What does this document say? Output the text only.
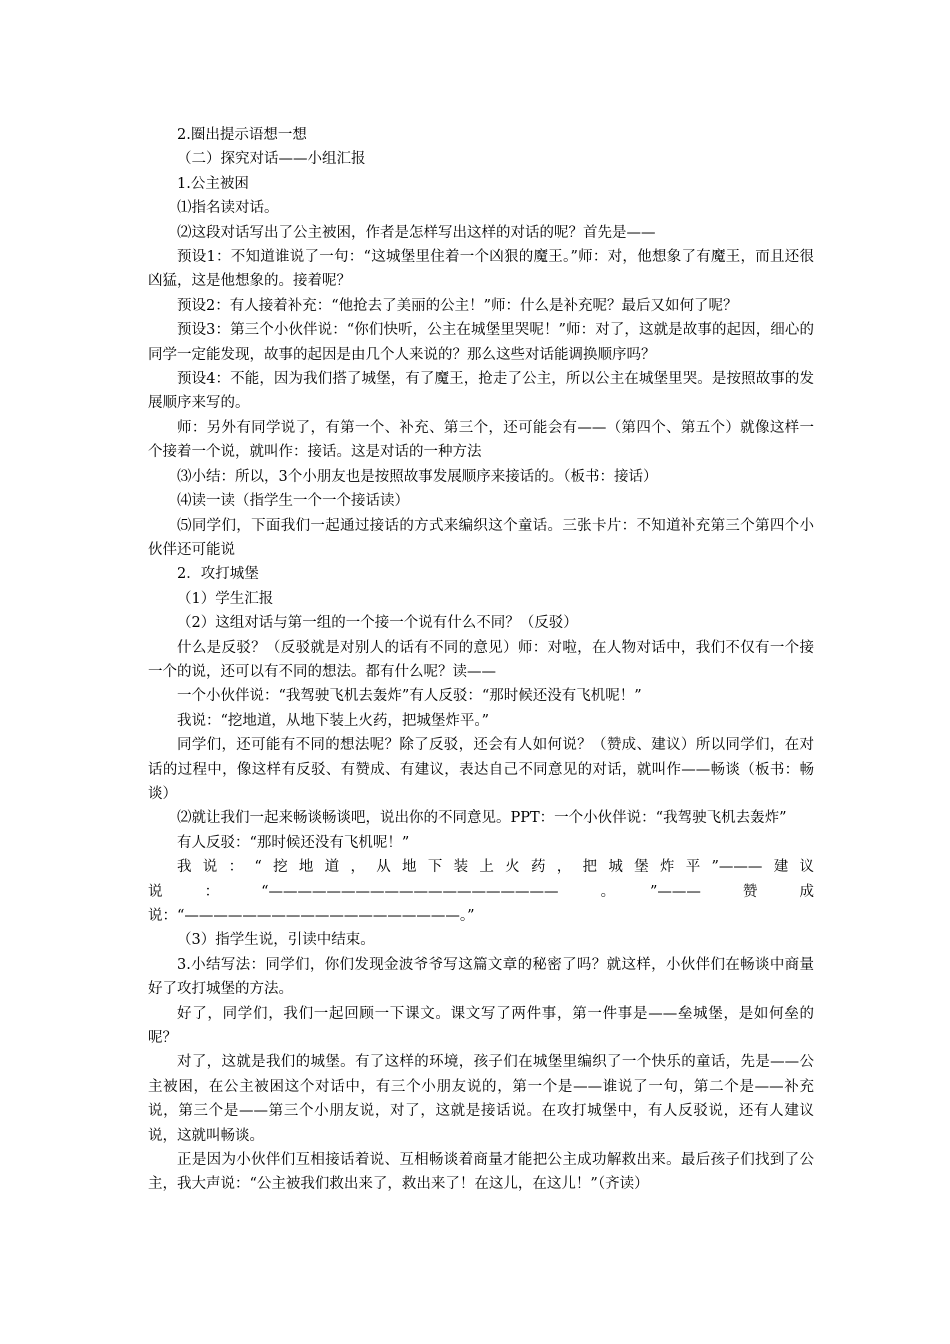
2.圈出提示语想一想

（二）探究对话——小组汇报

1.公主被困

⑴指名读对话。

⑵这段对话写出了公主被困，作者是怎样写出这样的对话的呢？首先是——

预设1：不知道谁说了一句：“这城堡里住着一个凶狠的魔王。”师：对，他想象了有魔王，而且还很凶猛，这是他想象的。接着呢？

预设2：有人接着补充：“他抢去了美丽的公主！”师：什么是补充呢？最后又如何了呢？

预设3：第三个小伙伴说：“你们快听，公主在城堡里哭呢！”师：对了，这就是故事的起因，细心的同学一定能发现，故事的起因是由几个人来说的？那么这些对话能调换顺序吗？

预设4：不能，因为我们搭了城堡，有了魔王，抢走了公主，所以公主在城堡里哭。是按照故事的发展顺序来写的。

师：另外有同学说了，有第一个、补充、第三个，还可能会有——（第四个、第五个）就像这样一个接着一个说，就叫作：接话。这是对话的一种方法

⑶小结：所以，3个小朋友也是按照故事发展顺序来接话的。（板书：接话）

⑷读一读（指学生一个一个接话读）

⑸同学们，下面我们一起通过接话的方式来编织这个童话。三张卡片：不知道补充第三个第四个小伙伴还可能说

2．攻打城堡

（1）学生汇报

（2）这组对话与第一组的一个接一个说有什么不同？（反驳）

什么是反驳？（反驳就是对别人的话有不同的意见）师：对啦，在人物对话中，我们不仅有一个接一个的说，还可以有不同的想法。都有什么呢？读——

一个小伙伴说：“我驾驶飞机去轰炸”有人反驳：“那时候还没有飞机呢！”

我说：“挖地道，从地下装上火药，把城堡炸平。”

同学们，还可能有不同的想法呢？除了反驳，还会有人如何说？（赞成、建议）所以同学们，在对话的过程中，像这样有反驳、有赞成、有建议，表达自己不同意见的对话，就叫作——畅谈（板书：畅谈）

⑵就让我们一起来畅谈畅谈吧，说出你的不同意见。PPT：一个小伙伴说：“我驾驶飞机去轰炸”

有人反驳：“那时候还没有飞机呢！”

我说：“挖地道，从地下装上火药，把城堡炸平”———建议说：“————————————————————。”———赞成说：“———————————————————。”

（3）指学生说，引读中结束。

3.小结写法：同学们，你们发现金波爷爷写这篇文章的秘密了吗？就这样，小伙伴们在畅谈中商量好了攻打城堡的方法。

好了，同学们，我们一起回顾一下课文。课文写了两件事，第一件事是——垒城堡，是如何垒的呢？

对了，这就是我们的城堡。有了这样的环境，孩子们在城堡里编织了一个快乐的童话，先是——公主被困，在公主被困这个对话中，有三个小朋友说的，第一个是——谁说了一句，第二个是——补充说，第三个是——第三个小朋友说，对了，这就是接话说。在攻打城堡中，有人反驳说，还有人建议说，这就叫畅谈。

正是因为小伙伴们互相接话着说、互相畅谈着商量才能把公主成功解救出来。最后孩子们找到了公主，我大声说：“公主被我们救出来了，救出来了！在这儿，在这儿！”（齐读）
